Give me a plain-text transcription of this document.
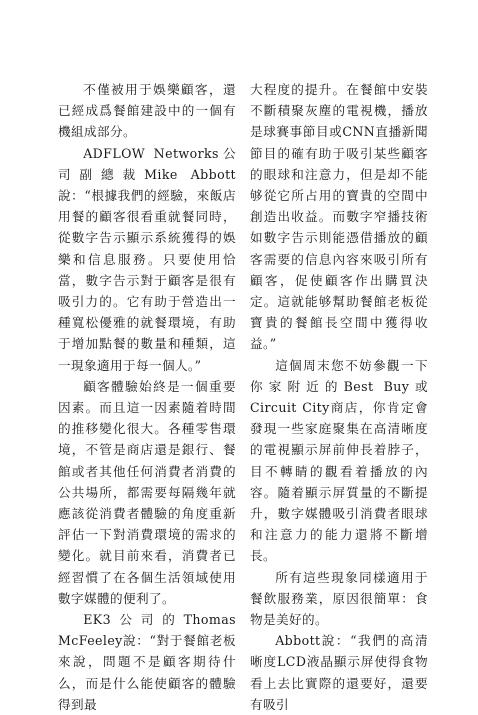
不僅被用于娛樂顧客，還已經成爲餐館建設中的一個有機組成部分。

ADFLOW Networks公司副總裁Mike Abbott說：“根據我們的經驗，來飯店用餐的顧客很看重就餐同時，從數字告示顯示系統獲得的娛樂和信息服務。只要使用恰當，數字告示對于顧客是很有吸引力的。它有助于營造出一種寬松優雅的就餐環境，有助于增加點餐的數量和種類，這一現象適用于每一個人。”

顧客體驗始終是一個重要因素。而且這一因素隨着時間的推移變化很大。各種零售環境，不管是商店還是銀行、餐館或者其他任何消費者消費的公共場所，都需要每隔幾年就應該從消費者體驗的角度重新評估一下對消費環境的需求的變化。就目前來看，消費者已經習慣了在各個生活領域使用數字媒體的便利了。

EK3公司的Thomas McFeeley說：“對于餐館老板來說，問題不是顧客期待什么，而是什么能使顧客的體驗得到最

大程度的提升。在餐館中安裝不斷積聚灰塵的電視機，播放是球賽事節目或CNN直播新聞節目的確有助于吸引某些顧客的眼球和注意力，但是却不能够從它所占用的寶貴的空間中創造出收益。而數字窄播技術如數字告示則能憑借播放的顧客需要的信息內容來吸引所有顧客，促使顧客作出購買決定。這就能够幫助餐館老板從寶貴的餐館長空間中獲得收益。”

這個周末您不妨參觀一下你家附近的Best Buy或Circuit City商店，你肯定會發現一些家庭聚集在高清晰度的電視顯示屏前伸長着脖子，目不轉睛的觀看着播放的內容。隨着顯示屏質量的不斷提升，數字媒體吸引消費者眼球和注意力的能力還將不斷增長。

所有這些現象同樣適用于餐飲服務業，原因很簡單：食物是美好的。

Abbott說：“我們的高清晰度LCD液晶顯示屏使得食物看上去比實際的還要好，還要有吸引
